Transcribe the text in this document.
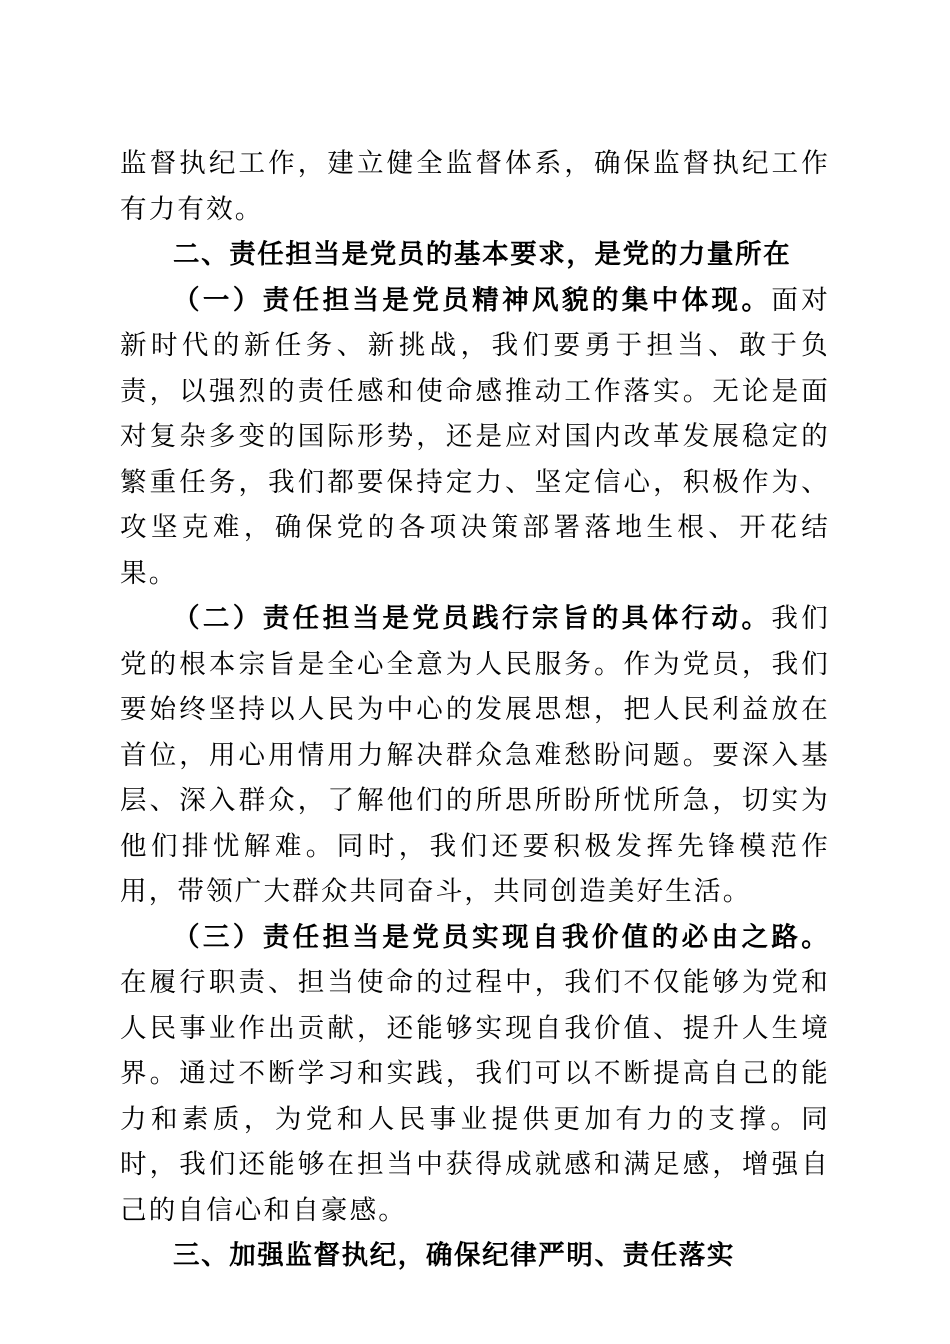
监督执纪工作，建立健全监督体系，确保监督执纪工作有力有效。

二、责任担当是党员的基本要求，是党的力量所在

（一）责任担当是党员精神风貌的集中体现。面对新时代的新任务、新挑战，我们要勇于担当、敢于负责，以强烈的责任感和使命感推动工作落实。无论是面对复杂多变的国际形势，还是应对国内改革发展稳定的繁重任务，我们都要保持定力、坚定信心，积极作为、攻坚克难，确保党的各项决策部署落地生根、开花结果。

（二）责任担当是党员践行宗旨的具体行动。我们党的根本宗旨是全心全意为人民服务。作为党员，我们要始终坚持以人民为中心的发展思想，把人民利益放在首位，用心用情用力解决群众急难愁盼问题。要深入基层、深入群众，了解他们的所思所盼所忧所急，切实为他们排忧解难。同时，我们还要积极发挥先锋模范作用，带领广大群众共同奋斗，共同创造美好生活。

（三）责任担当是党员实现自我价值的必由之路。在履行职责、担当使命的过程中，我们不仅能够为党和人民事业作出贡献，还能够实现自我价值、提升人生境界。通过不断学习和实践，我们可以不断提高自己的能力和素质，为党和人民事业提供更加有力的支撑。同时，我们还能够在担当中获得成就感和满足感，增强自己的自信心和自豪感。

三、加强监督执纪，确保纪律严明、责任落实
